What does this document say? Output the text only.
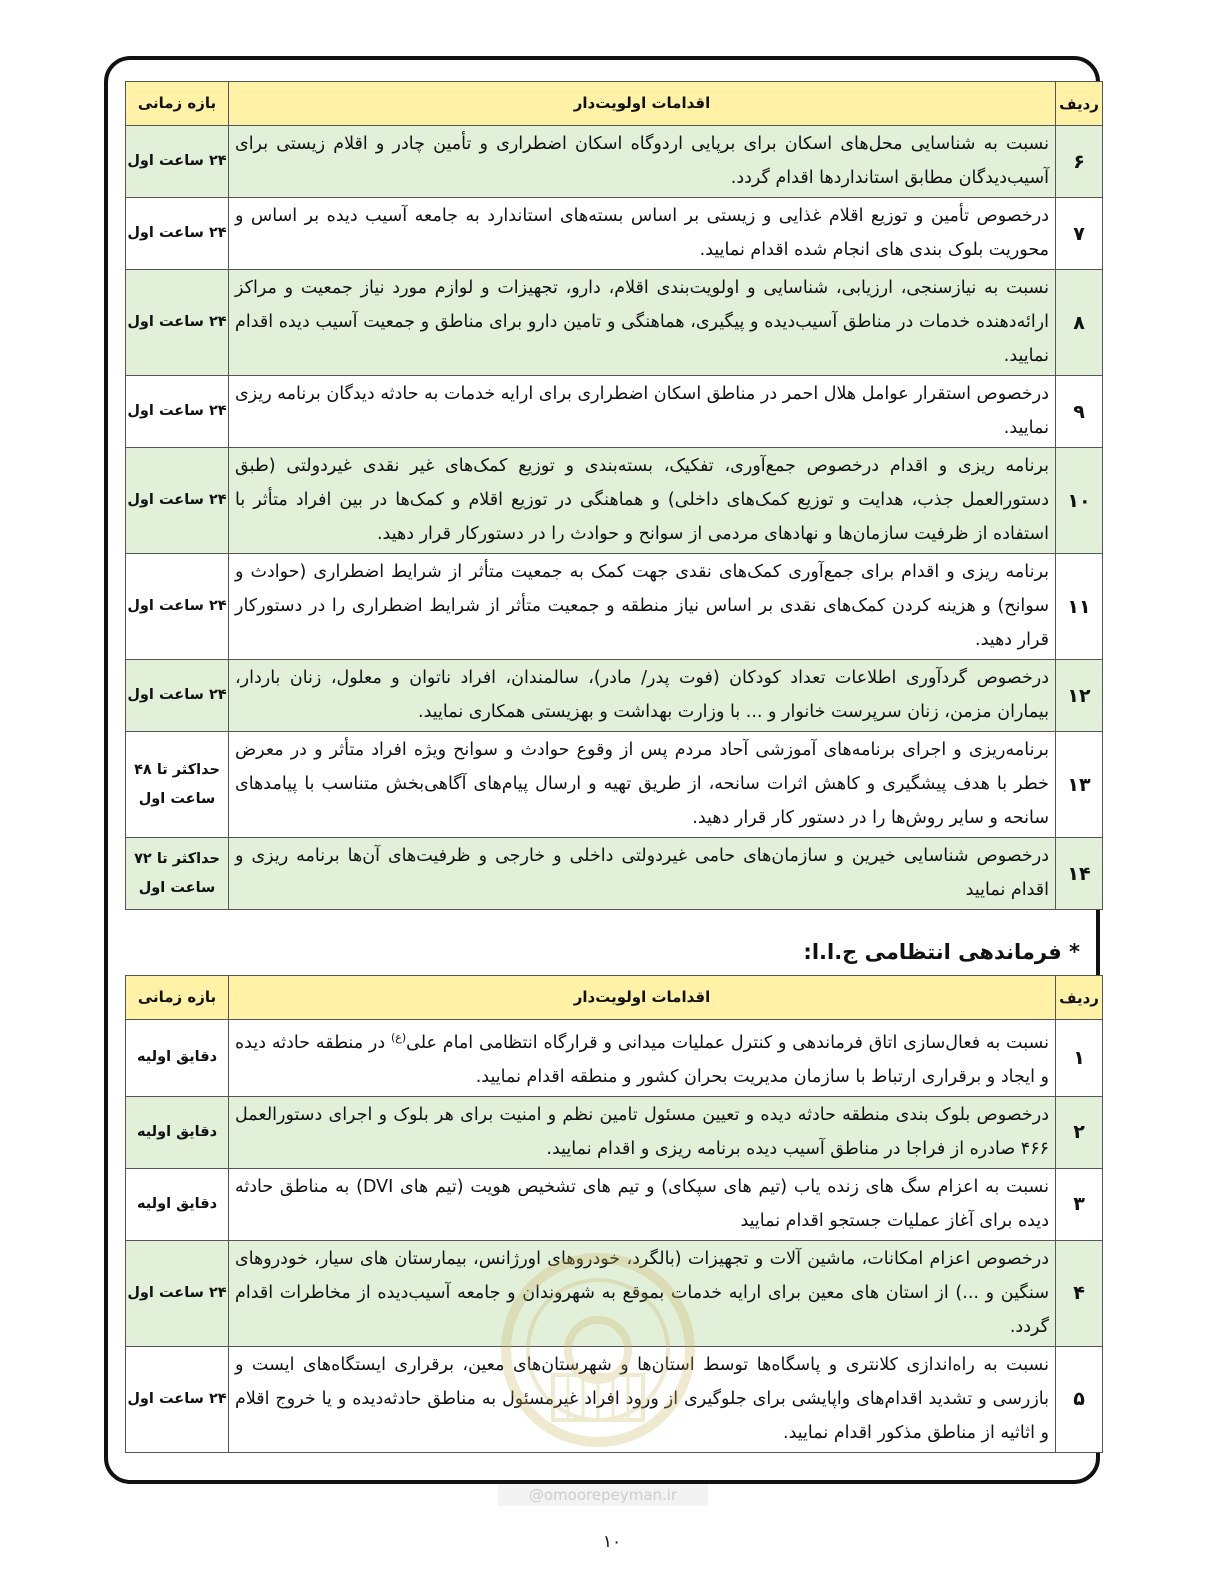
ردیف	اقدامات اولویت‌دار	بازه زمانی
۶	نسبت به شناسایی محل‌های اسکان برای برپایی اردوگاه اسکان اضطراری و تأمین چادر و اقلام زیستی برای آسیب‌دیدگان مطابق استانداردها اقدام گردد.	۲۴ ساعت اول
۷	درخصوص تأمین و توزیع اقلام غذایی و زیستی بر اساس بسته‌های استاندارد به جامعه آسیب دیده بر اساس و محوریت بلوک بندی های انجام شده اقدام نمایید.	۲۴ ساعت اول
۸	نسبت به نیازسنجی، ارزیابی، شناسایی و اولویت‌بندی اقلام، دارو، تجهیزات و لوازم مورد نیاز جمعیت و مراکز ارائه‌دهنده خدمات در مناطق آسیب‌دیده و پیگیری، هماهنگی و تامین دارو برای مناطق و جمعیت آسیب دیده اقدام نمایید.	۲۴ ساعت اول
۹	درخصوص استقرار عوامل هلال احمر در مناطق اسکان اضطراری برای ارایه خدمات به حادثه دیدگان برنامه ریزی نمایید.	۲۴ ساعت اول
۱۰	برنامه ریزی و اقدام درخصوص جمع‌آوری، تفکیک، بسته‌بندی و توزیع کمک‌های غیر نقدی غیردولتی (طبق دستورالعمل جذب، هدایت و توزیع کمک‌های داخلی) و هماهنگی در توزیع اقلام و کمک‌ها در بین افراد متأثر با استفاده از ظرفیت سازمان‌ها و نهادهای مردمی از سوانح و حوادث را در دستورکار قرار دهید.	۲۴ ساعت اول
۱۱	برنامه ریزی و اقدام برای جمع‌آوری کمک‌های نقدی جهت کمک به جمعیت متأثر از شرایط اضطراری (حوادث و سوانح) و هزینه کردن کمک‌های نقدی بر اساس نیاز منطقه و جمعیت متأثر از شرایط اضطراری را در دستورکار قرار دهید.	۲۴ ساعت اول
۱۲	درخصوص گردآوری اطلاعات تعداد کودکان (فوت پدر/ مادر)، سالمندان، افراد ناتوان و معلول، زنان باردار، بیماران مزمن، زنان سرپرست خانوار و ... با وزارت بهداشت و بهزیستی همکاری نمایید.	۲۴ ساعت اول
۱۳	برنامه‌ریزی و اجرای برنامه‌های آموزشی آحاد مردم پس از وقوع حوادث و سوانح ویژه افراد متأثر و در معرض خطر با هدف پیشگیری و کاهش اثرات سانحه، از طریق تهیه و ارسال پیام‌های آگاهی‌بخش متناسب با پیامدهای سانحه و سایر روش‌ها را در دستور کار قرار دهید.	حداکثر تا ۴۸ ساعت اول
۱۴	درخصوص شناسایی خیرین و سازمان‌های حامی غیردولتی داخلی و خارجی و ظرفیت‌های آن‌ها برنامه ریزی و اقدام نمایید	حداکثر تا ۷۲ ساعت اول
* فرماندهی انتظامی ج.ا.ا:
ردیف	اقدامات اولویت‌دار	بازه زمانی
۱	نسبت به فعال‌سازی اتاق فرماندهی و کنترل عملیات میدانی و قرارگاه انتظامی امام علی$^{(ع)}$ در منطقه حادثه دیده و ایجاد و برقراری ارتباط با سازمان مدیریت بحران کشور و منطقه اقدام نمایید.	دقایق اولیه
۲	درخصوص بلوک بندی منطقه حادثه دیده و تعیین مسئول تامین نظم و امنیت برای هر بلوک و اجرای دستورالعمل ۴۶۶ صادره از فراجا در مناطق آسیب دیده برنامه ریزی و اقدام نمایید.	دقایق اولیه
۳	نسبت به اعزام سگ های زنده یاب (تیم های سپکای) و تیم های تشخیص هویت (تیم های DVI) به مناطق حادثه دیده برای آغاز عملیات جستجو اقدام نمایید	دقایق اولیه
۴	درخصوص اعزام امکانات، ماشین آلات و تجهیزات (بالگرد، خودروهای اورژانس، بیمارستان های سیار، خودروهای سنگین و ...) از استان های معین برای ارایه خدمات بموقع به شهروندان و جامعه آسیب‌دیده از مخاطرات اقدام گردد.	۲۴ ساعت اول
۵	نسبت به راه‌اندازی کلانتری و پاسگاه‌ها توسط استان‌ها و شهرستان‌های معین، برقراری ایستگاه‌های ایست و بازرسی و تشدید اقدام‌های واپایشی برای جلوگیری از ورود افراد غیرمسئول به مناطق حادثه‌دیده و یا خروج اقلام و اثاثیه از مناطق مذکور اقدام نمایید.	۲۴ ساعت اول
@omoorepeyman.ir
۱۰
